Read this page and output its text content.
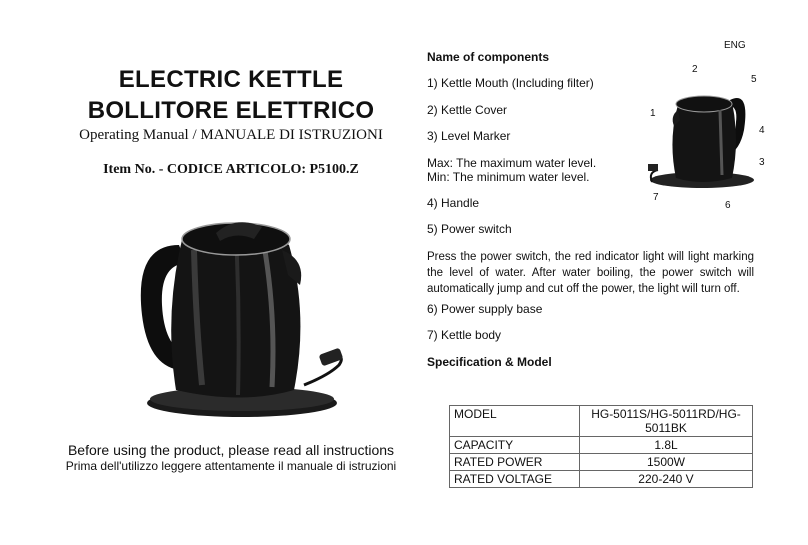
ELECTRIC KETTLE
BOLLITORE ELETTRICO
Operating Manual / MANUALE DI ISTRUZIONI
Item No. - CODICE ARTICOLO: P5100.Z
Before using the product, please read all instructions
Prima dell'utilizzo leggere attentamente il manuale di istruzioni
ENG
Name of components
1) Kettle Mouth (Including filter)
2) Kettle Cover
3) Level Marker
Max: The maximum water level.
Min: The minimum water level.
4) Handle
5) Power switch
Press the power switch, the red indicator light will light marking the level of water. After water boiling, the power switch will automatically jump and cut off the power, the light will turn off.
6) Power supply base
7) Kettle body
2
5
1
4
3
7
6
Specification & Model
MODEL	HG-5011S/HG-5011RD/HG-5011BK
CAPACITY	1.8L
RATED POWER	1500W
RATED VOLTAGE	220-240 V
